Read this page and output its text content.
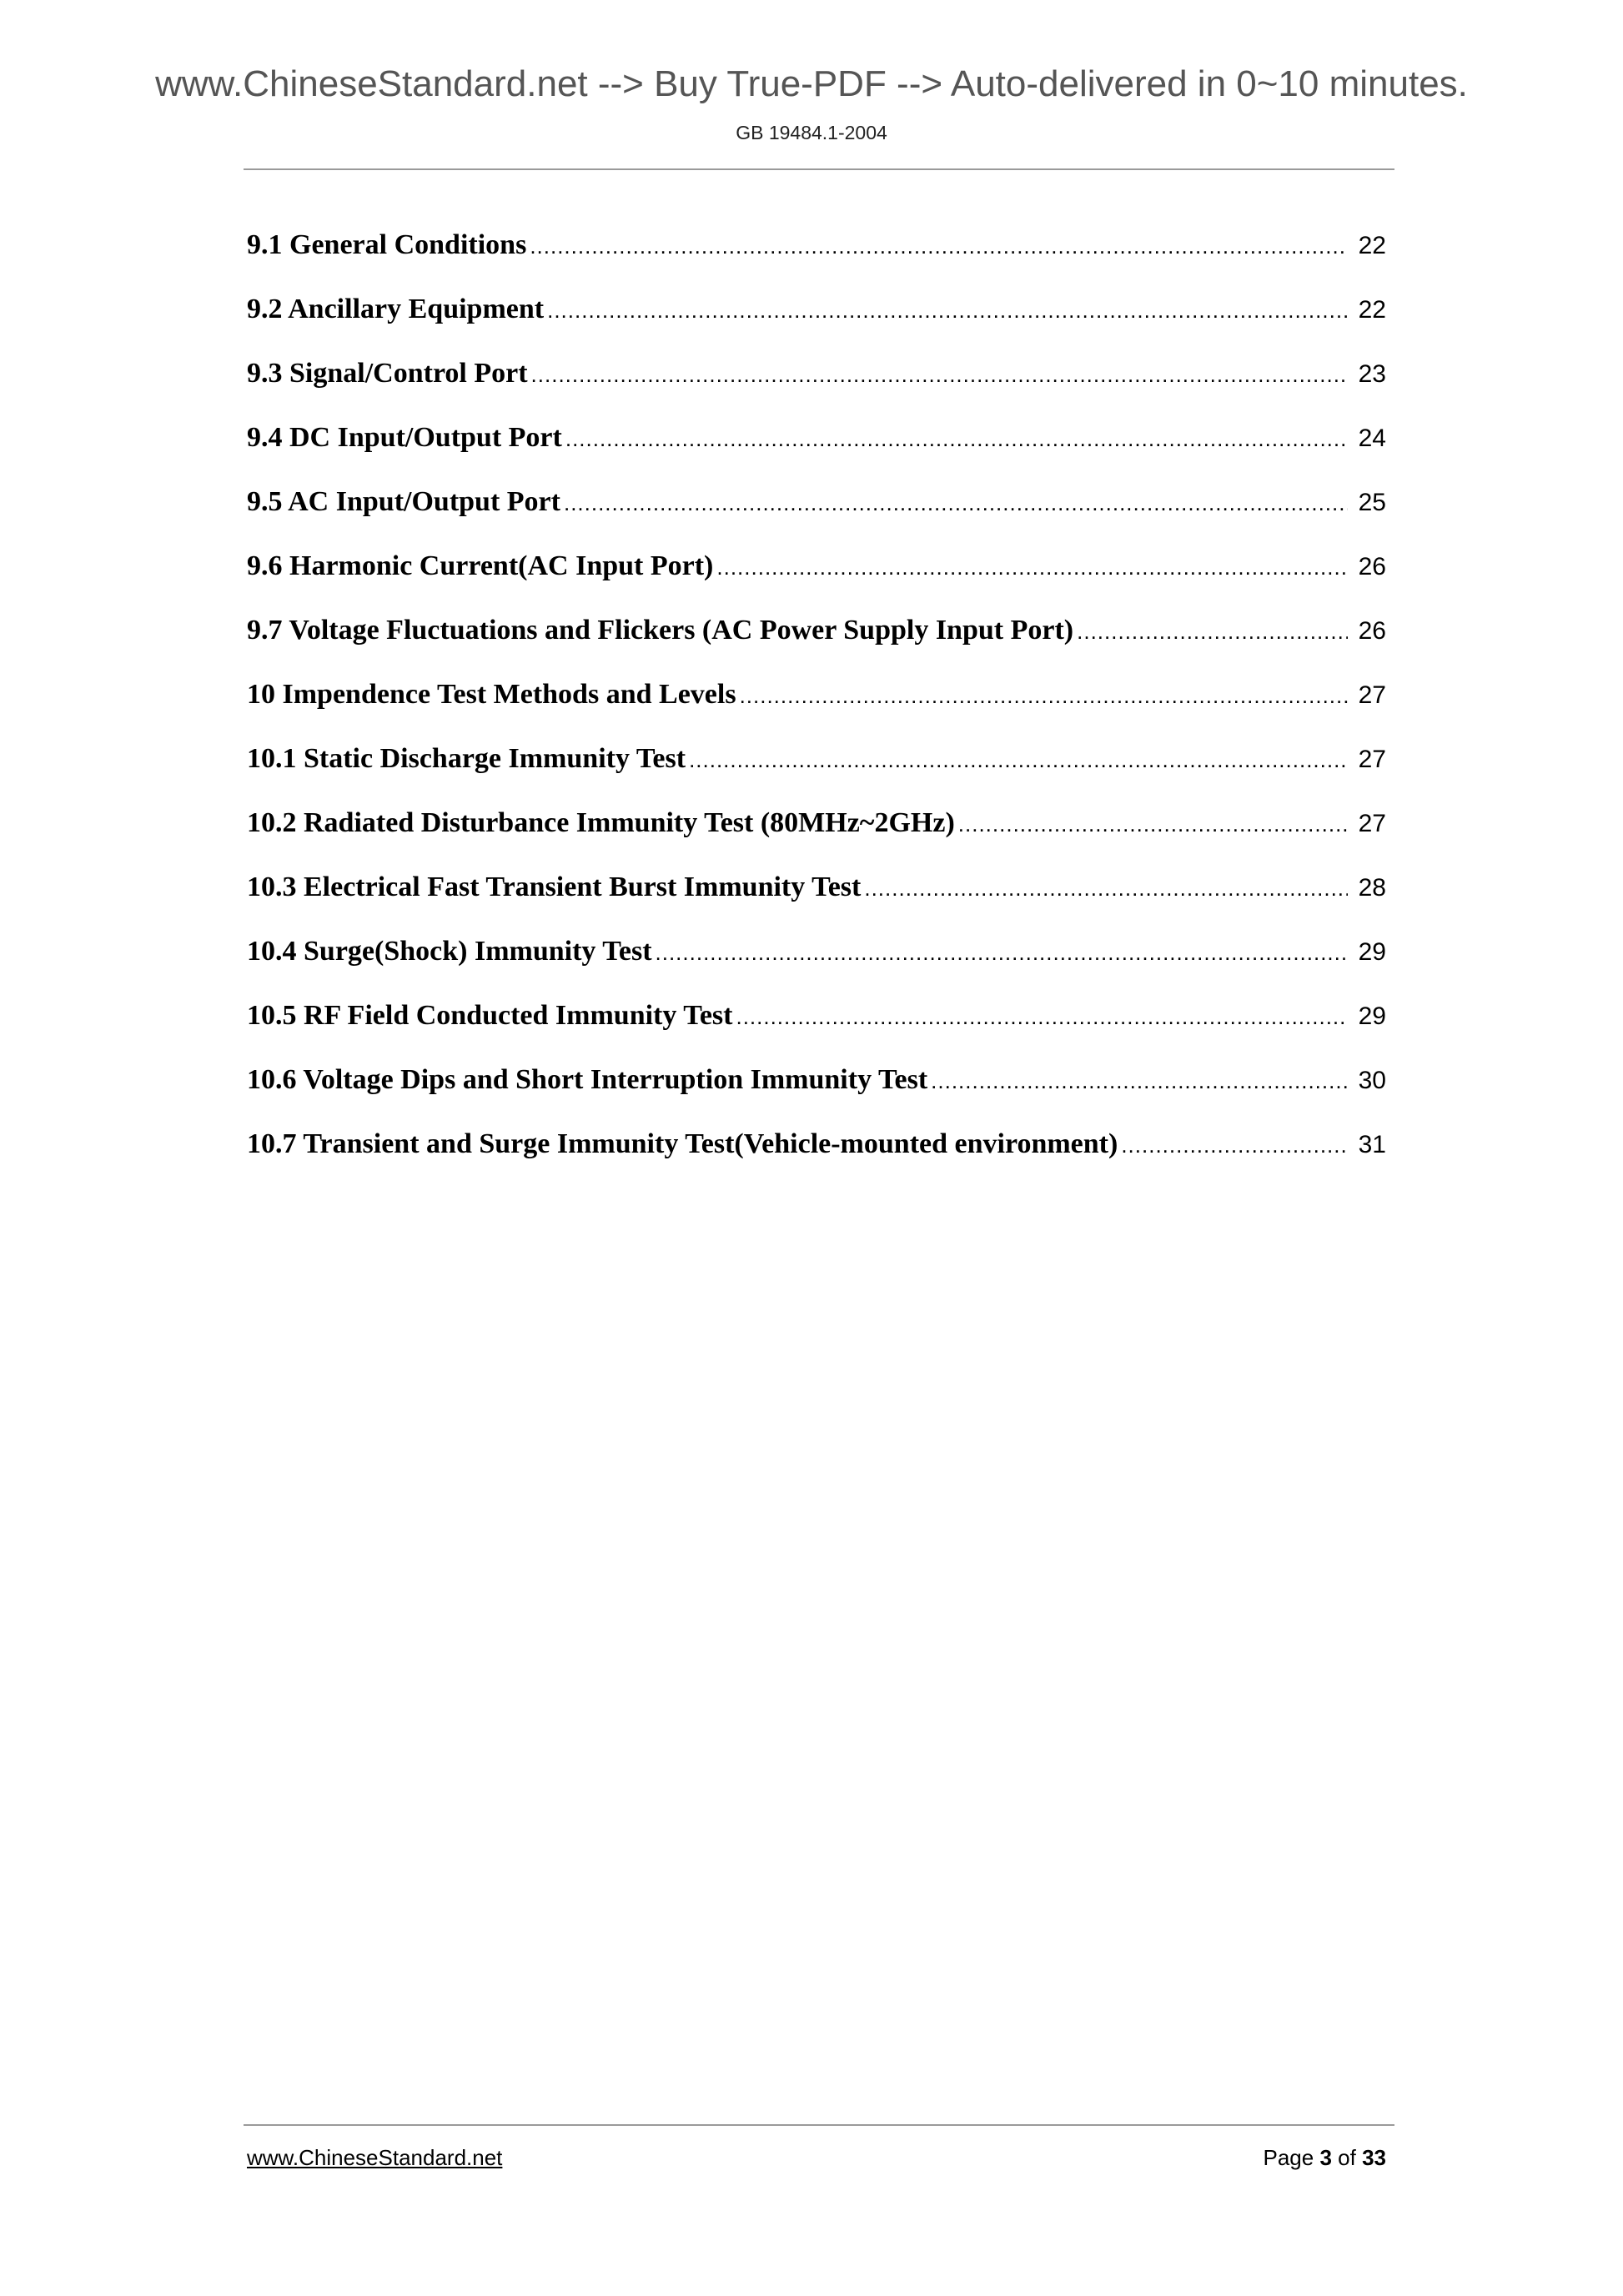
www.ChineseStandard.net --> Buy True-PDF --> Auto-delivered in 0~10 minutes.
GB 19484.1-2004
9.1 General Conditions .....	22
9.2 Ancillary Equipment .....	22
9.3 Signal/Control Port .....	23
9.4 DC Input/Output Port .....	24
9.5 AC Input/Output Port .....	25
9.6 Harmonic Current(AC Input Port) .....	26
9.7 Voltage Fluctuations and Flickers (AC Power Supply Input Port) .....	26
10 Impendence Test Methods and Levels .....	27
10.1 Static Discharge Immunity Test .....	27
10.2 Radiated Disturbance Immunity Test (80MHz~2GHz) .....	27
10.3 Electrical Fast Transient Burst Immunity Test .....	28
10.4 Surge(Shock) Immunity Test .....	29
10.5 RF Field Conducted Immunity Test .....	29
10.6 Voltage Dips and Short Interruption Immunity Test .....	30
10.7 Transient and Surge Immunity Test(Vehicle-mounted environment) .....	31
www.ChineseStandard.net	Page 3 of 33
